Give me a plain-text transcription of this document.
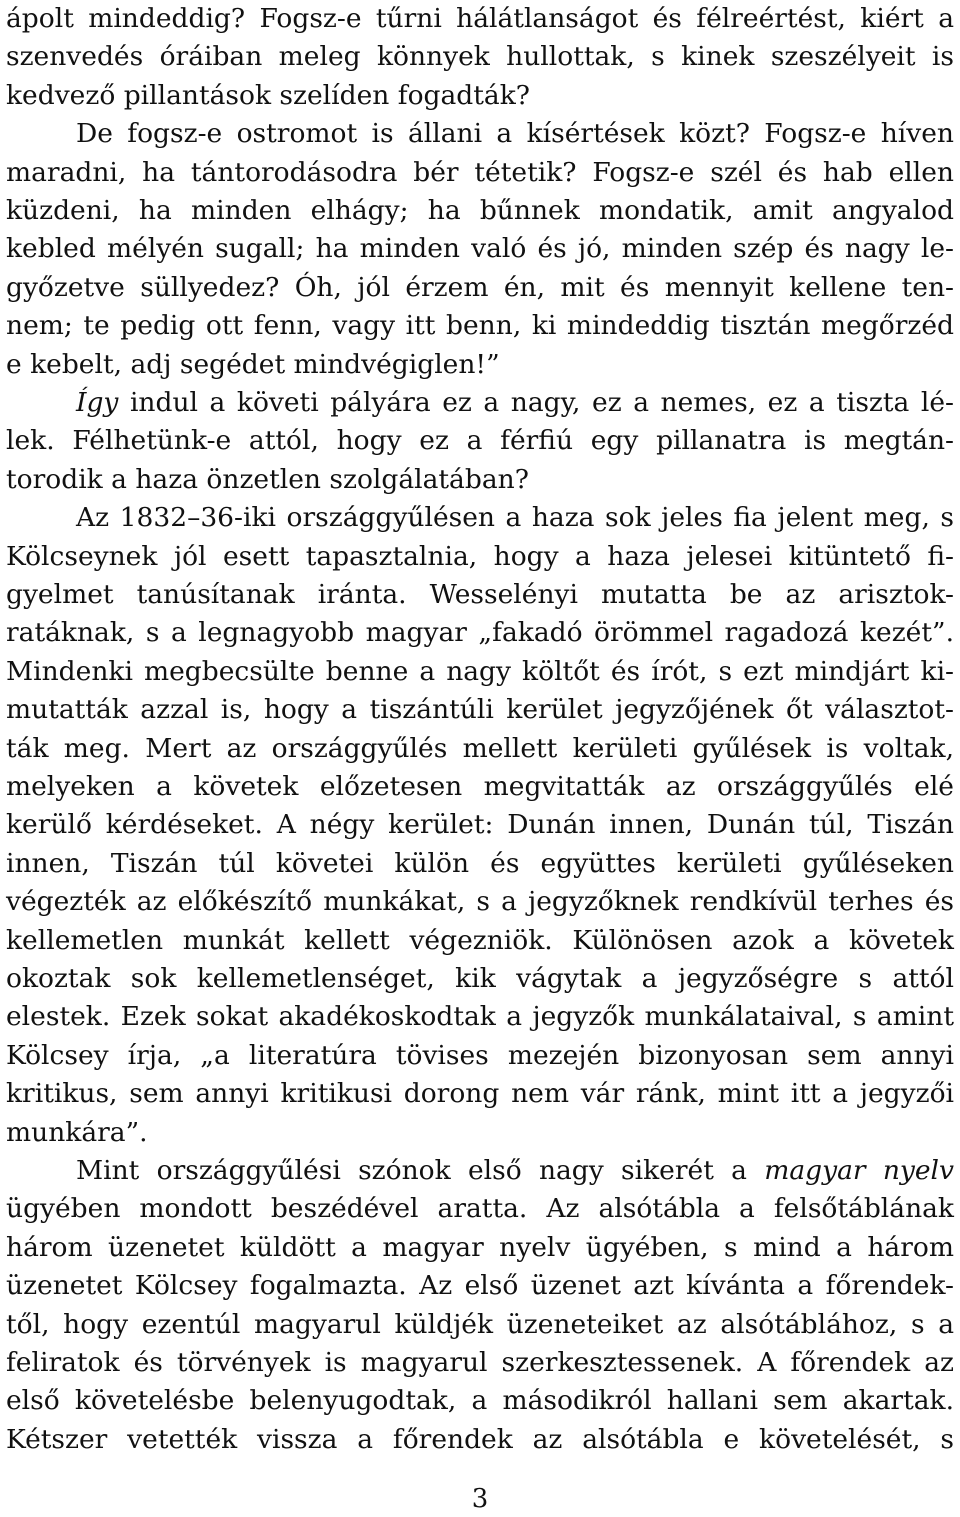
ápolt mindeddig? Fogsz-e tűrni hálátlanságot és félreértést, kiért a
szenvedés óráiban meleg könnyek hullottak, s kinek szeszélyeit is
kedvező pillantások szelíden fogadták?
De fogsz-e ostromot is állani a kísértések közt? Fogsz-e híven
maradni, ha tántorodásodra bér tétetik? Fogsz-e szél és hab ellen
küzdeni, ha minden elhágy; ha bűnnek mondatik, amit angyalod
kebled mélyén sugall; ha minden való és jó, minden szép és nagy le-
győzetve süllyedez? Óh, jól érzem én, mit és mennyit kellene ten-
nem; te pedig ott fenn, vagy itt benn, ki mindeddig tisztán megőrzéd
e kebelt, adj segédet mindvégiglen!”
Így indul a követi pályára ez a nagy, ez a nemes, ez a tiszta lé-
lek. Félhetünk-e attól, hogy ez a férfiú egy pillanatra is megtán-
torodik a haza önzetlen szolgálatában?
Az 1832–36-iki országgyűlésen a haza sok jeles fia jelent meg, s
Kölcseynek jól esett tapasztalnia, hogy a haza jelesei kitüntető fi-
gyelmet tanúsítanak iránta. Wesselényi mutatta be az arisztok-
ratáknak, s a legnagyobb magyar „fakadó örömmel ragadozá kezét”.
Mindenki megbecsülte benne a nagy költőt és írót, s ezt mindjárt ki-
mutatták azzal is, hogy a tiszántúli kerület jegyzőjének őt választot-
ták meg. Mert az országgyűlés mellett kerületi gyűlések is voltak,
melyeken a követek előzetesen megvitatták az országgyűlés elé
kerülő kérdéseket. A négy kerület: Dunán innen, Dunán túl, Tiszán
innen, Tiszán túl követei külön és együttes kerületi gyűléseken
végezték az előkészítő munkákat, s a jegyzőknek rendkívül terhes és
kellemetlen munkát kellett végezniök. Különösen azok a követek
okoztak sok kellemetlenséget, kik vágytak a jegyzőségre s attól
elestek. Ezek sokat akadékoskodtak a jegyzők munkálataival, s amint
Kölcsey írja, „a literatúra tövises mezején bizonyosan sem annyi
kritikus, sem annyi kritikusi dorong nem vár ránk, mint itt a jegyzői
munkára”.
Mint országgyűlési szónok első nagy sikerét a magyar nyelv
ügyében mondott beszédével aratta. Az alsótábla a felsőtáblának
három üzenetet küldött a magyar nyelv ügyében, s mind a három
üzenetet Kölcsey fogalmazta. Az első üzenet azt kívánta a főrendek-
től, hogy ezentúl magyarul küldjék üzeneteiket az alsótáblához, s a
feliratok és törvények is magyarul szerkesztessenek. A főrendek az
első követelésbe belenyugodtak, a másodikról hallani sem akartak.
Kétszer vetették vissza a főrendek az alsótábla e követelését, s
3
